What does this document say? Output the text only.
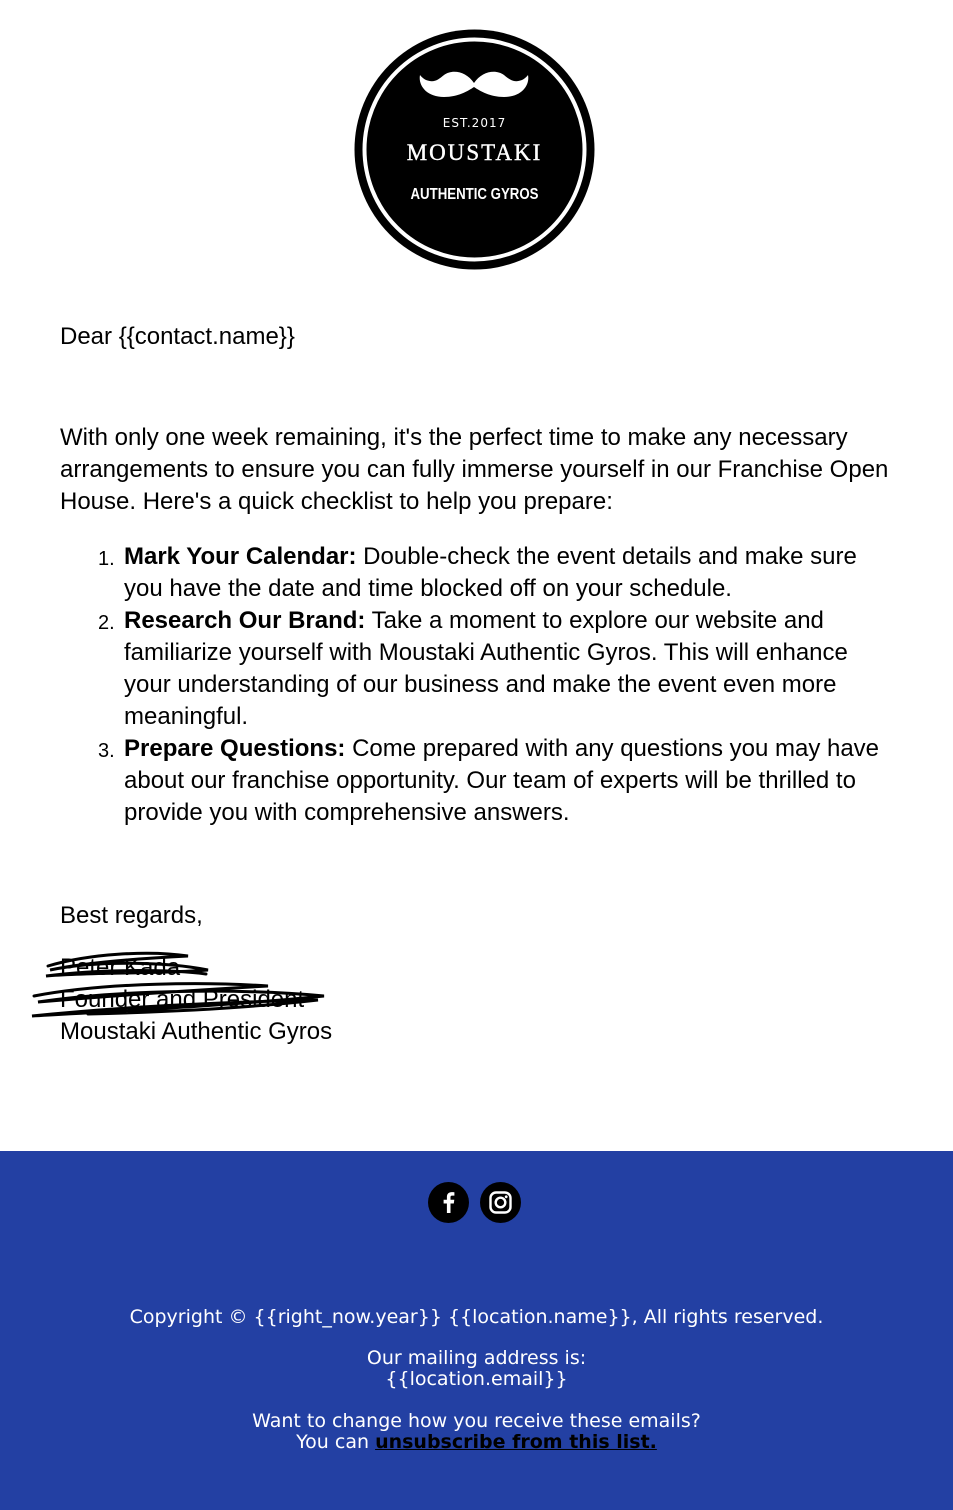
EST.2017
MOUSTAKI
AUTHENTIC GYROS

Dear {{contact.name}}

With only one week remaining, it's the perfect time to make any necessary arrangements to ensure you can fully immerse yourself in our Franchise Open House. Here's a quick checklist to help you prepare:

1. Mark Your Calendar: Double-check the event details and make sure you have the date and time blocked off on your schedule.
2. Research Our Brand: Take a moment to explore our website and familiarize yourself with Moustaki Authentic Gyros. This will enhance your understanding of our business and make the event even more meaningful.
3. Prepare Questions: Come prepared with any questions you may have about our franchise opportunity. Our team of experts will be thrilled to provide you with comprehensive answers.
Best regards,
Peter Kada
Founder and President
Moustaki Authentic Gyros
Copyright © {{right_now.year}} {{location.name}}, All rights reserved.
Our mailing address is:
{{location.email}}
Want to change how you receive these emails?
You can unsubscribe from this list.
